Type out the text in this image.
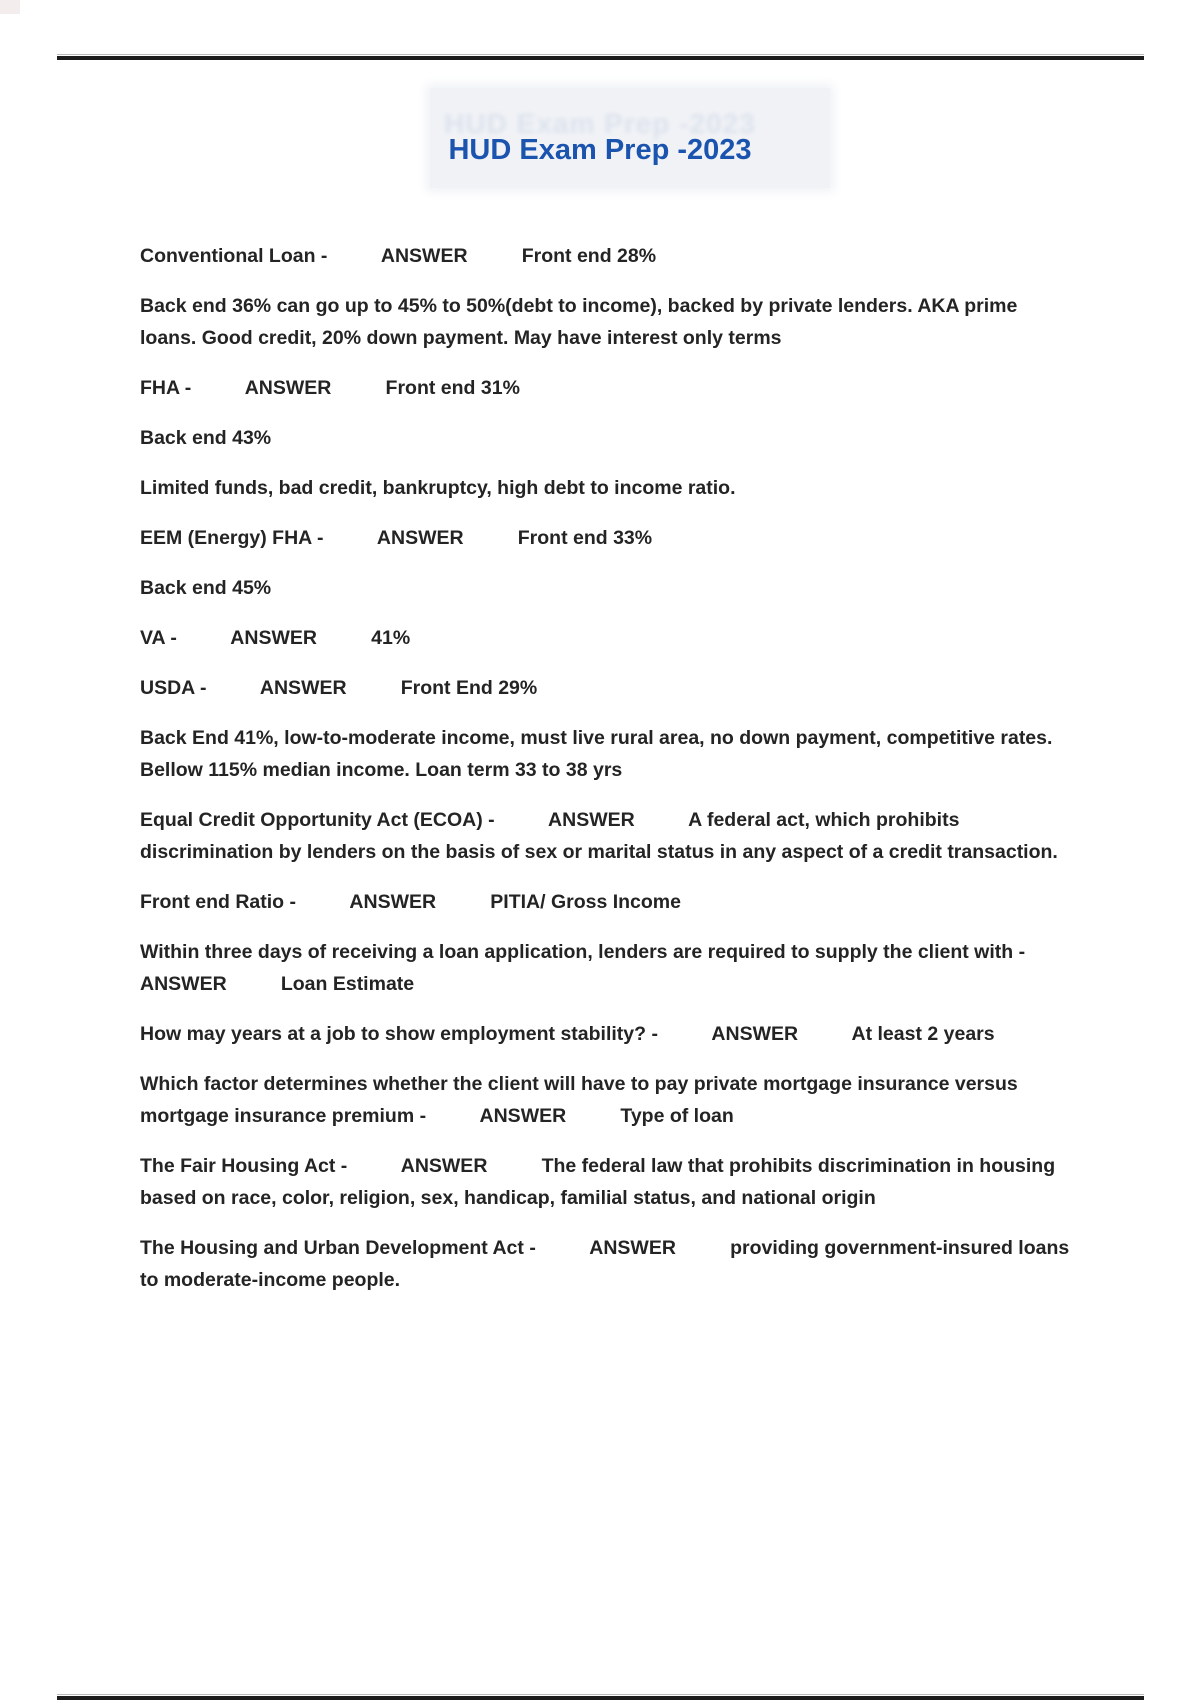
HUD Exam Prep -2023
HUD Exam Prep -2023

Conventional Loan -          ANSWER          Front end 28%

Back end 36% can go up to 45% to 50%(debt to income), backed by private lenders. AKA prime loans. Good credit, 20% down payment. May have interest only terms

FHA -          ANSWER          Front end 31%

Back end 43%

Limited funds, bad credit, bankruptcy, high debt to income ratio.

EEM (Energy) FHA -          ANSWER          Front end 33%

Back end 45%

VA -          ANSWER          41%

USDA -          ANSWER          Front End 29%

Back End 41%, low-to-moderate income, must live rural area, no down payment, competitive rates. Bellow 115% median income. Loan term 33 to 38 yrs

Equal Credit Opportunity Act (ECOA) -          ANSWER          A federal act, which prohibits discrimination by lenders on the basis of sex or marital status in any aspect of a credit transaction.

Front end Ratio -          ANSWER          PITIA/ Gross Income

Within three days of receiving a loan application, lenders are required to supply the client with -          ANSWER          Loan Estimate

How may years at a job to show employment stability? -          ANSWER          At least 2 years

Which factor determines whether the client will have to pay private mortgage insurance versus mortgage insurance premium -          ANSWER          Type of loan

The Fair Housing Act -          ANSWER          The federal law that prohibits discrimination in housing based on race, color, religion, sex, handicap, familial status, and national origin

The Housing and Urban Development Act -          ANSWER          providing government-insured loans to moderate-income people.
